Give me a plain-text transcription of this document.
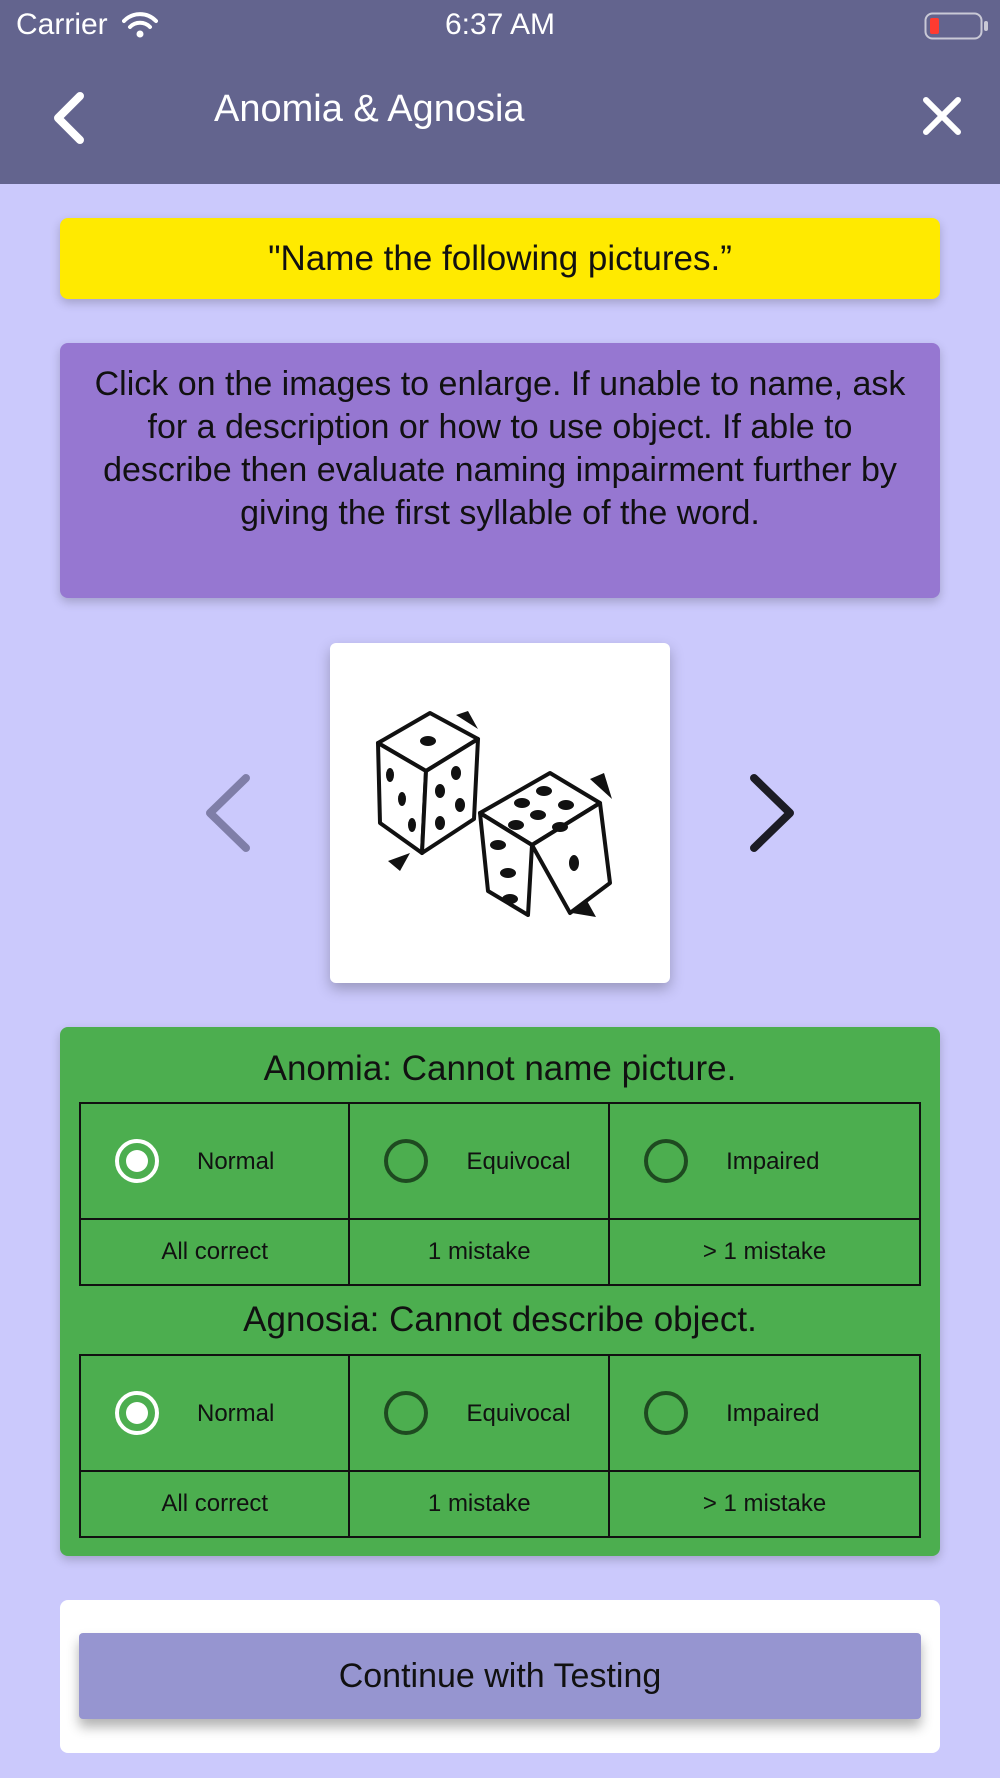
Carrier	6:37 AM
Anomia & Agnosia
"Name the following pictures.”
Click on the images to enlarge. If unable to name, ask for a description or how to use object. If able to describe then evaluate naming impairment further by giving the first syllable of the word.
Anomia: Cannot name picture.
Normal	Equivocal	Impaired

All correct	1 mistake	> 1 mistake
Agnosia: Cannot describe object.
Normal	Equivocal	Impaired

All correct	1 mistake	> 1 mistake
Continue with Testing
